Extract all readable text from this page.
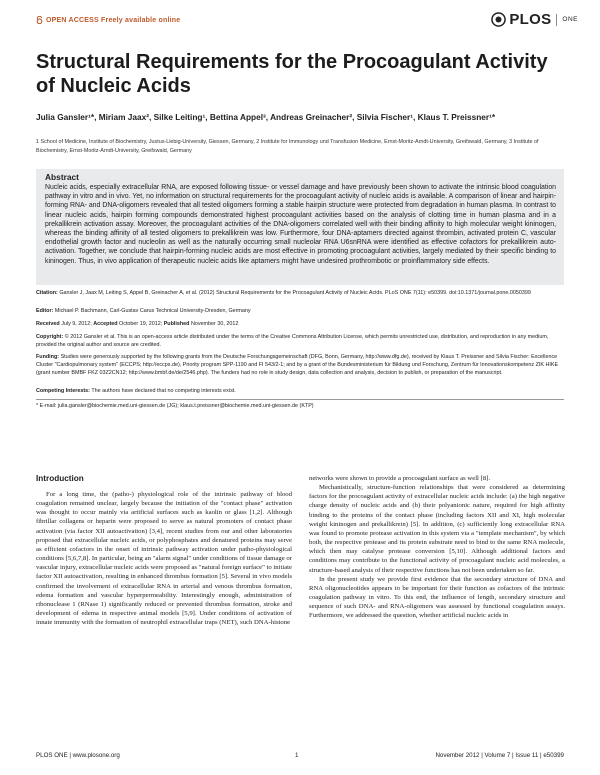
OPEN ACCESS Freely available online	PLOS ONE
Structural Requirements for the Procoagulant Activity of Nucleic Acids
Julia Gansler¹*, Miriam Jaax², Silke Leiting¹, Bettina Appel³, Andreas Greinacher², Silvia Fischer¹, Klaus T. Preissner¹*
1 School of Medicine, Institute of Biochemistry, Justus-Liebig-University, Giessen, Germany, 2 Institute for Immunology und Transfusion Medicine, Ernst-Moritz-Arndt-University, Greifswald, Germany, 3 Institute of Biochemistry, Ernst-Moritz-Arndt-University, Greifswald, Germany
Abstract
Nucleic acids, especially extracellular RNA, are exposed following tissue- or vessel damage and have previously been shown to activate the intrinsic blood coagulation pathway in vitro and in vivo. Yet, no information on structural requirements for the procoagulant activity of nucleic acids is available. A comparison of linear and hairpin-forming RNA- and DNA-oligomers revealed that all tested oligomers forming a stable hairpin structure were protected from degradation in human plasma. In contrast to linear nucleic acids, hairpin forming compounds demonstrated highest procoagulant activities based on the analysis of clotting time in human plasma and in a prekallikrein activation assay. Moreover, the procoagulant activities of the DNA-oligomers correlated well with their binding affinity to high molecular weight kininogen, whereas the binding affinity of all tested oligomers to prekallikrein was low. Furthermore, four DNA-aptamers directed against thrombin, activated protein C, vascular endothelial growth factor and nucleolin as well as the naturally occurring small nucleolar RNA U6snRNA were identified as effective cofactors for prekallikrein auto-activation. Together, we conclude that hairpin-forming nucleic acids are most effective in promoting procoagulant activities, largely mediated by their specific binding to kininogen. Thus, in vivo application of therapeutic nucleic acids like aptamers might have undesired prothrombotic or proinflammatory side effects.
Citation: Gansler J, Jaax M, Leiting S, Appel B, Greinacher A, et al. (2012) Structural Requirements for the Procoagulant Activity of Nucleic Acids. PLoS ONE 7(11): e50399. doi:10.1371/journal.pone.0050399
Editor: Michael P. Bachmann, Carl-Gustav Carus Technical University-Dresden, Germany
Received July 9, 2012; Accepted October 19, 2012; Published November 30, 2012
Copyright: © 2012 Gansler et al. This is an open-access article distributed under the terms of the Creative Commons Attribution License, which permits unrestricted use, distribution, and reproduction in any medium, provided the original author and source are credited.
Funding: Studies were generously supported by the following grants from the Deutsche Forschungsgemeinschaft (DFG, Bonn, Germany, http://www.dfg.de), received by Klaus T. Preissner and Silvia Fischer: Excellence Cluster "Cardiopulmonary system" (ECCPS; http://eccps.de), Priority program SPP-1190 and FI 543/2-1; and by a grant of the Bundesministerium für Bildung und Forschung, Zentrum für Innovationskompetenz ZIK HIKE (grant number BMBF FKZ 03Z2CN12; http://www.bmbf.de/de/2546.php). The funders had no role in study design, data collection and analysis, decision to publish, or preparation of the manuscript.
Competing Interests: The authors have declared that no competing interests exist.
* E-mail: julia.gansler@biochemie.med.uni-giessen.de (JG); klaus.t.preissner@biochemie.med.uni-giessen.de (KTP)
Introduction

For a long time, the (patho-) physiological role of the intrinsic pathway of blood coagulation remained unclear, largely because the initiation of the "contact phase" activation was thought to occur mainly via artificial surfaces such as kaolin or glass [1,2]. Although fibrillar collagens or heparin were proposed to serve as natural promoters of contact phase activation (via factor XII autoactivation) [3,4], recent studies from our and other laboratories proposed that extracellular nucleic acids, or polyphosphates and denatured proteins may serve as efficient cofactors in the onset of intrinsic pathway activation under patho-physiological conditions [5,6,7,8]. In particular, being an "alarm signal" under conditions of tissue damage or vascular injury, extracellular nucleic acids were proposed as "natural foreign surface" to initiate factor XII autoactivation, resulting in enhanced thrombus formation [5]. Several in vivo models confirmed the involvement of extracellular RNA in arterial and venous thrombus formation, edema formation and vascular hyperpermeability. Interestingly enough, administration of ribonuclease 1 (RNase 1) significantly reduced or prevented thrombus formation, stroke and development of edema in respective animal models [5,9]. Under conditions of activation of innate immunity with the formation of neutrophil extracellular traps (NET), such DNA-histone

networks were shown to provide a procoagulant surface as well [8].

Mechanistically, structure-function relationships that were considered as determining factors for the procoagulant activity of extracellular nucleic acids include: (a) the high negative charge density of nucleic acids and (b) their polyanionic nature, required for high affinity binding to the proteins of the contact phase (including factors XII and XI, high molecular weight kininogen and prekallikrein) [5]. In addition, (c) sufficiently long extracellular RNA was found to promote protease activation in this system via a "template mechanism", by which both, the respective protease and its protein substrate need to bind to the same RNA molecule, which then may catalyse protease conversion [5,10]. Although additional factors and conditions may contribute to the functional activity of procoagulant nucleic acid molecules, a structure-based analysis of their respective functions has not been undertaken so far.

In the present study we provide first evidence that the secondary structure of DNA and RNA oligonucleotides appears to be important for their function as cofactors of the intrinsic coagulation pathway in vitro. To this end, the influence of length, secondary structure and sequence of such DNA- and RNA-oligomers was assessed by functional coagulation assays. Furthermore, we addressed the question, whether artificial nucleic acids in

PLOS ONE | www.plosone.org	1	November 2012 | Volume 7 | Issue 11 | e50399
